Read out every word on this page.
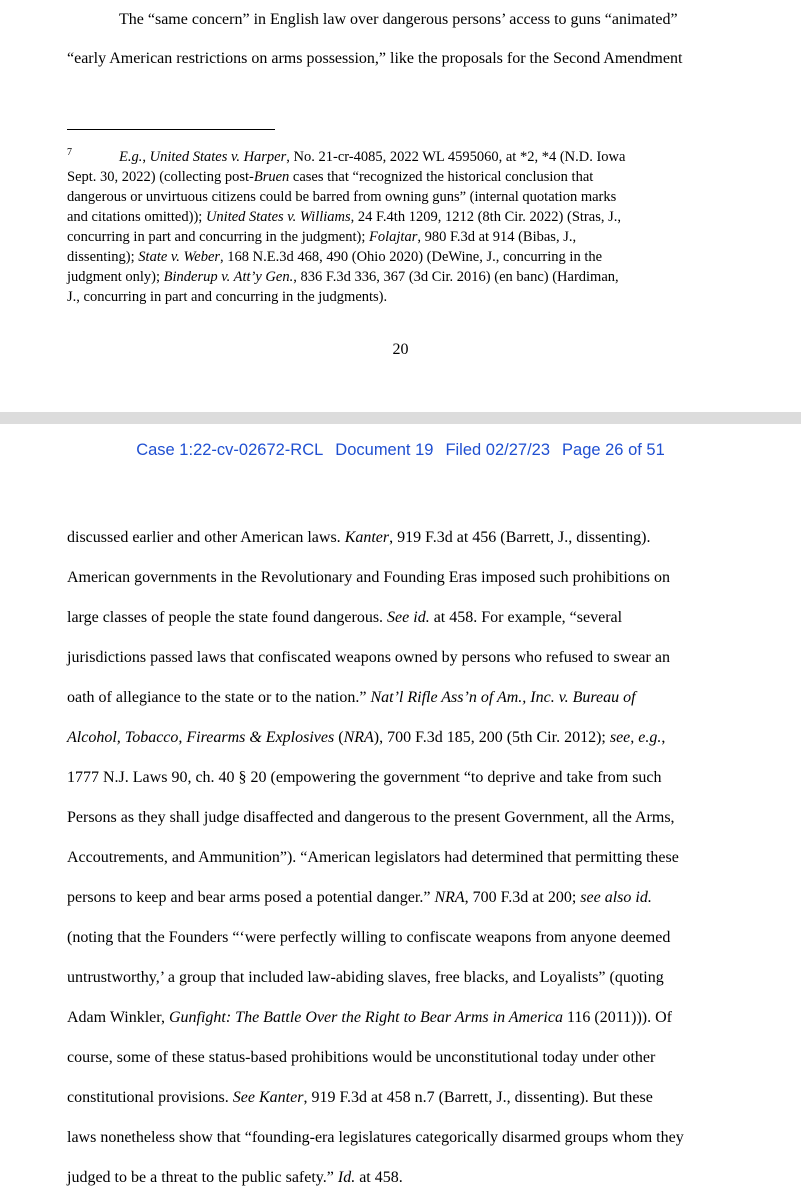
The “same concern” in English law over dangerous persons’ access to guns “animated”
“early American restrictions on arms possession,” like the proposals for the Second Amendment
7	E.g., United States v. Harper, No. 21-cr-4085, 2022 WL 4595060, at *2, *4 (N.D. Iowa
Sept. 30, 2022) (collecting post-Bruen cases that “recognized the historical conclusion that
dangerous or unvirtuous citizens could be barred from owning guns” (internal quotation marks
and citations omitted)); United States v. Williams, 24 F.4th 1209, 1212 (8th Cir. 2022) (Stras, J.,
concurring in part and concurring in the judgment); Folajtar, 980 F.3d at 914 (Bibas, J.,
dissenting); State v. Weber, 168 N.E.3d 468, 490 (Ohio 2020) (DeWine, J., concurring in the
judgment only); Binderup v. Att’y Gen., 836 F.3d 336, 367 (3d Cir. 2016) (en banc) (Hardiman,
J., concurring in part and concurring in the judgments).
20
Case 1:22-cv-02672-RCL Document 19 Filed 02/27/23 Page 26 of 51
discussed earlier and other American laws. Kanter, 919 F.3d at 456 (Barrett, J., dissenting).
American governments in the Revolutionary and Founding Eras imposed such prohibitions on
large classes of people the state found dangerous. See id. at 458. For example, “several
jurisdictions passed laws that confiscated weapons owned by persons who refused to swear an
oath of allegiance to the state or to the nation.” Nat’l Rifle Ass’n of Am., Inc. v. Bureau of
Alcohol, Tobacco, Firearms & Explosives (NRA), 700 F.3d 185, 200 (5th Cir. 2012); see, e.g.,
1777 N.J. Laws 90, ch. 40 § 20 (empowering the government “to deprive and take from such
Persons as they shall judge disaffected and dangerous to the present Government, all the Arms,
Accoutrements, and Ammunition”). “American legislators had determined that permitting these
persons to keep and bear arms posed a potential danger.” NRA, 700 F.3d at 200; see also id.
(noting that the Founders “‘were perfectly willing to confiscate weapons from anyone deemed
untrustworthy,’ a group that included law-abiding slaves, free blacks, and Loyalists” (quoting
Adam Winkler, Gunfight: The Battle Over the Right to Bear Arms in America 116 (2011))). Of
course, some of these status-based prohibitions would be unconstitutional today under other
constitutional provisions. See Kanter, 919 F.3d at 458 n.7 (Barrett, J., dissenting). But these
laws nonetheless show that “founding-era legislatures categorically disarmed groups whom they
judged to be a threat to the public safety.” Id. at 458.
